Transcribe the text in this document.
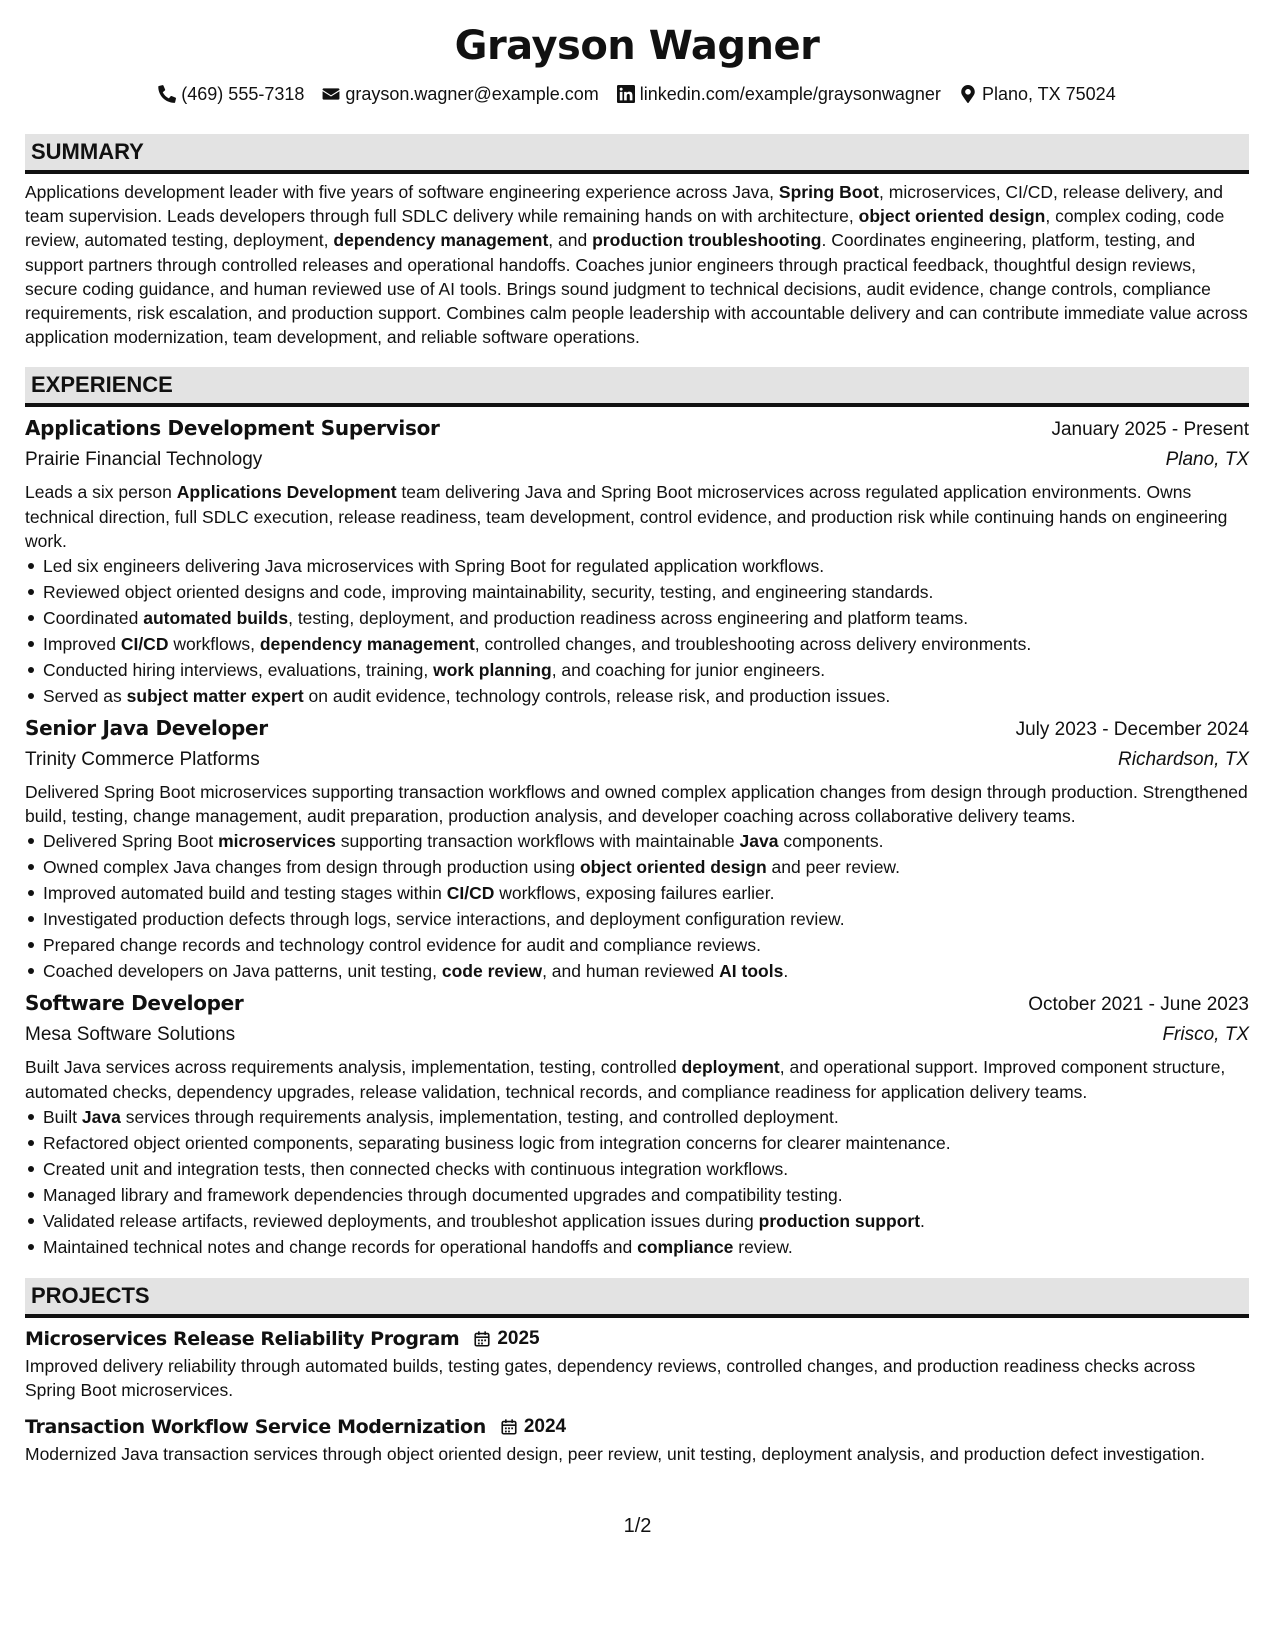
Grayson Wagner
(469) 555-7318 grayson.wagner@example.com linkedin.com/example/graysonwagner Plano, TX 75024
SUMMARY

Applications development leader with five years of software engineering experience across Java, Spring Boot, microservices, CI/CD, release delivery, and team supervision. Leads developers through full SDLC delivery while remaining hands on with architecture, object oriented design, complex coding, code review, automated testing, deployment, dependency management, and production troubleshooting. Coordinates engineering, platform, testing, and support partners through controlled releases and operational handoffs. Coaches junior engineers through practical feedback, thoughtful design reviews, secure coding guidance, and human reviewed use of AI tools. Brings sound judgment to technical decisions, audit evidence, change controls, compliance requirements, risk escalation, and production support. Combines calm people leadership with accountable delivery and can contribute immediate value across application modernization, team development, and reliable software operations.

EXPERIENCE
Applications Development Supervisor	January 2025 - Present
Prairie Financial Technology	Plano, TX

Leads a six person Applications Development team delivering Java and Spring Boot microservices across regulated application environments. Owns technical direction, full SDLC execution, release readiness, team development, control evidence, and production risk while continuing hands on engineering work.

Led six engineers delivering Java microservices with Spring Boot for regulated application workflows.
Reviewed object oriented designs and code, improving maintainability, security, testing, and engineering standards.
Coordinated automated builds, testing, deployment, and production readiness across engineering and platform teams.
Improved CI/CD workflows, dependency management, controlled changes, and troubleshooting across delivery environments.
Conducted hiring interviews, evaluations, training, work planning, and coaching for junior engineers.
Served as subject matter expert on audit evidence, technology controls, release risk, and production issues.
Senior Java Developer	July 2023 - December 2024
Trinity Commerce Platforms	Richardson, TX

Delivered Spring Boot microservices supporting transaction workflows and owned complex application changes from design through production. Strengthened build, testing, change management, audit preparation, production analysis, and developer coaching across collaborative delivery teams.

Delivered Spring Boot microservices supporting transaction workflows with maintainable Java components.
Owned complex Java changes from design through production using object oriented design and peer review.
Improved automated build and testing stages within CI/CD workflows, exposing failures earlier.
Investigated production defects through logs, service interactions, and deployment configuration review.
Prepared change records and technology control evidence for audit and compliance reviews.
Coached developers on Java patterns, unit testing, code review, and human reviewed AI tools.
Software Developer	October 2021 - June 2023
Mesa Software Solutions	Frisco, TX

Built Java services across requirements analysis, implementation, testing, controlled deployment, and operational support. Improved component structure, automated checks, dependency upgrades, release validation, technical records, and compliance readiness for application delivery teams.

Built Java services through requirements analysis, implementation, testing, and controlled deployment.
Refactored object oriented components, separating business logic from integration concerns for clearer maintenance.
Created unit and integration tests, then connected checks with continuous integration workflows.
Managed library and framework dependencies through documented upgrades and compatibility testing.
Validated release artifacts, reviewed deployments, and troubleshot application issues during production support.
Maintained technical notes and change records for operational handoffs and compliance review.
PROJECTS
Microservices Release Reliability Program 2025

Improved delivery reliability through automated builds, testing gates, dependency reviews, controlled changes, and production readiness checks across Spring Boot microservices.

Transaction Workflow Service Modernization 2024

Modernized Java transaction services through object oriented design, peer review, unit testing, deployment analysis, and production defect investigation.

1/2
